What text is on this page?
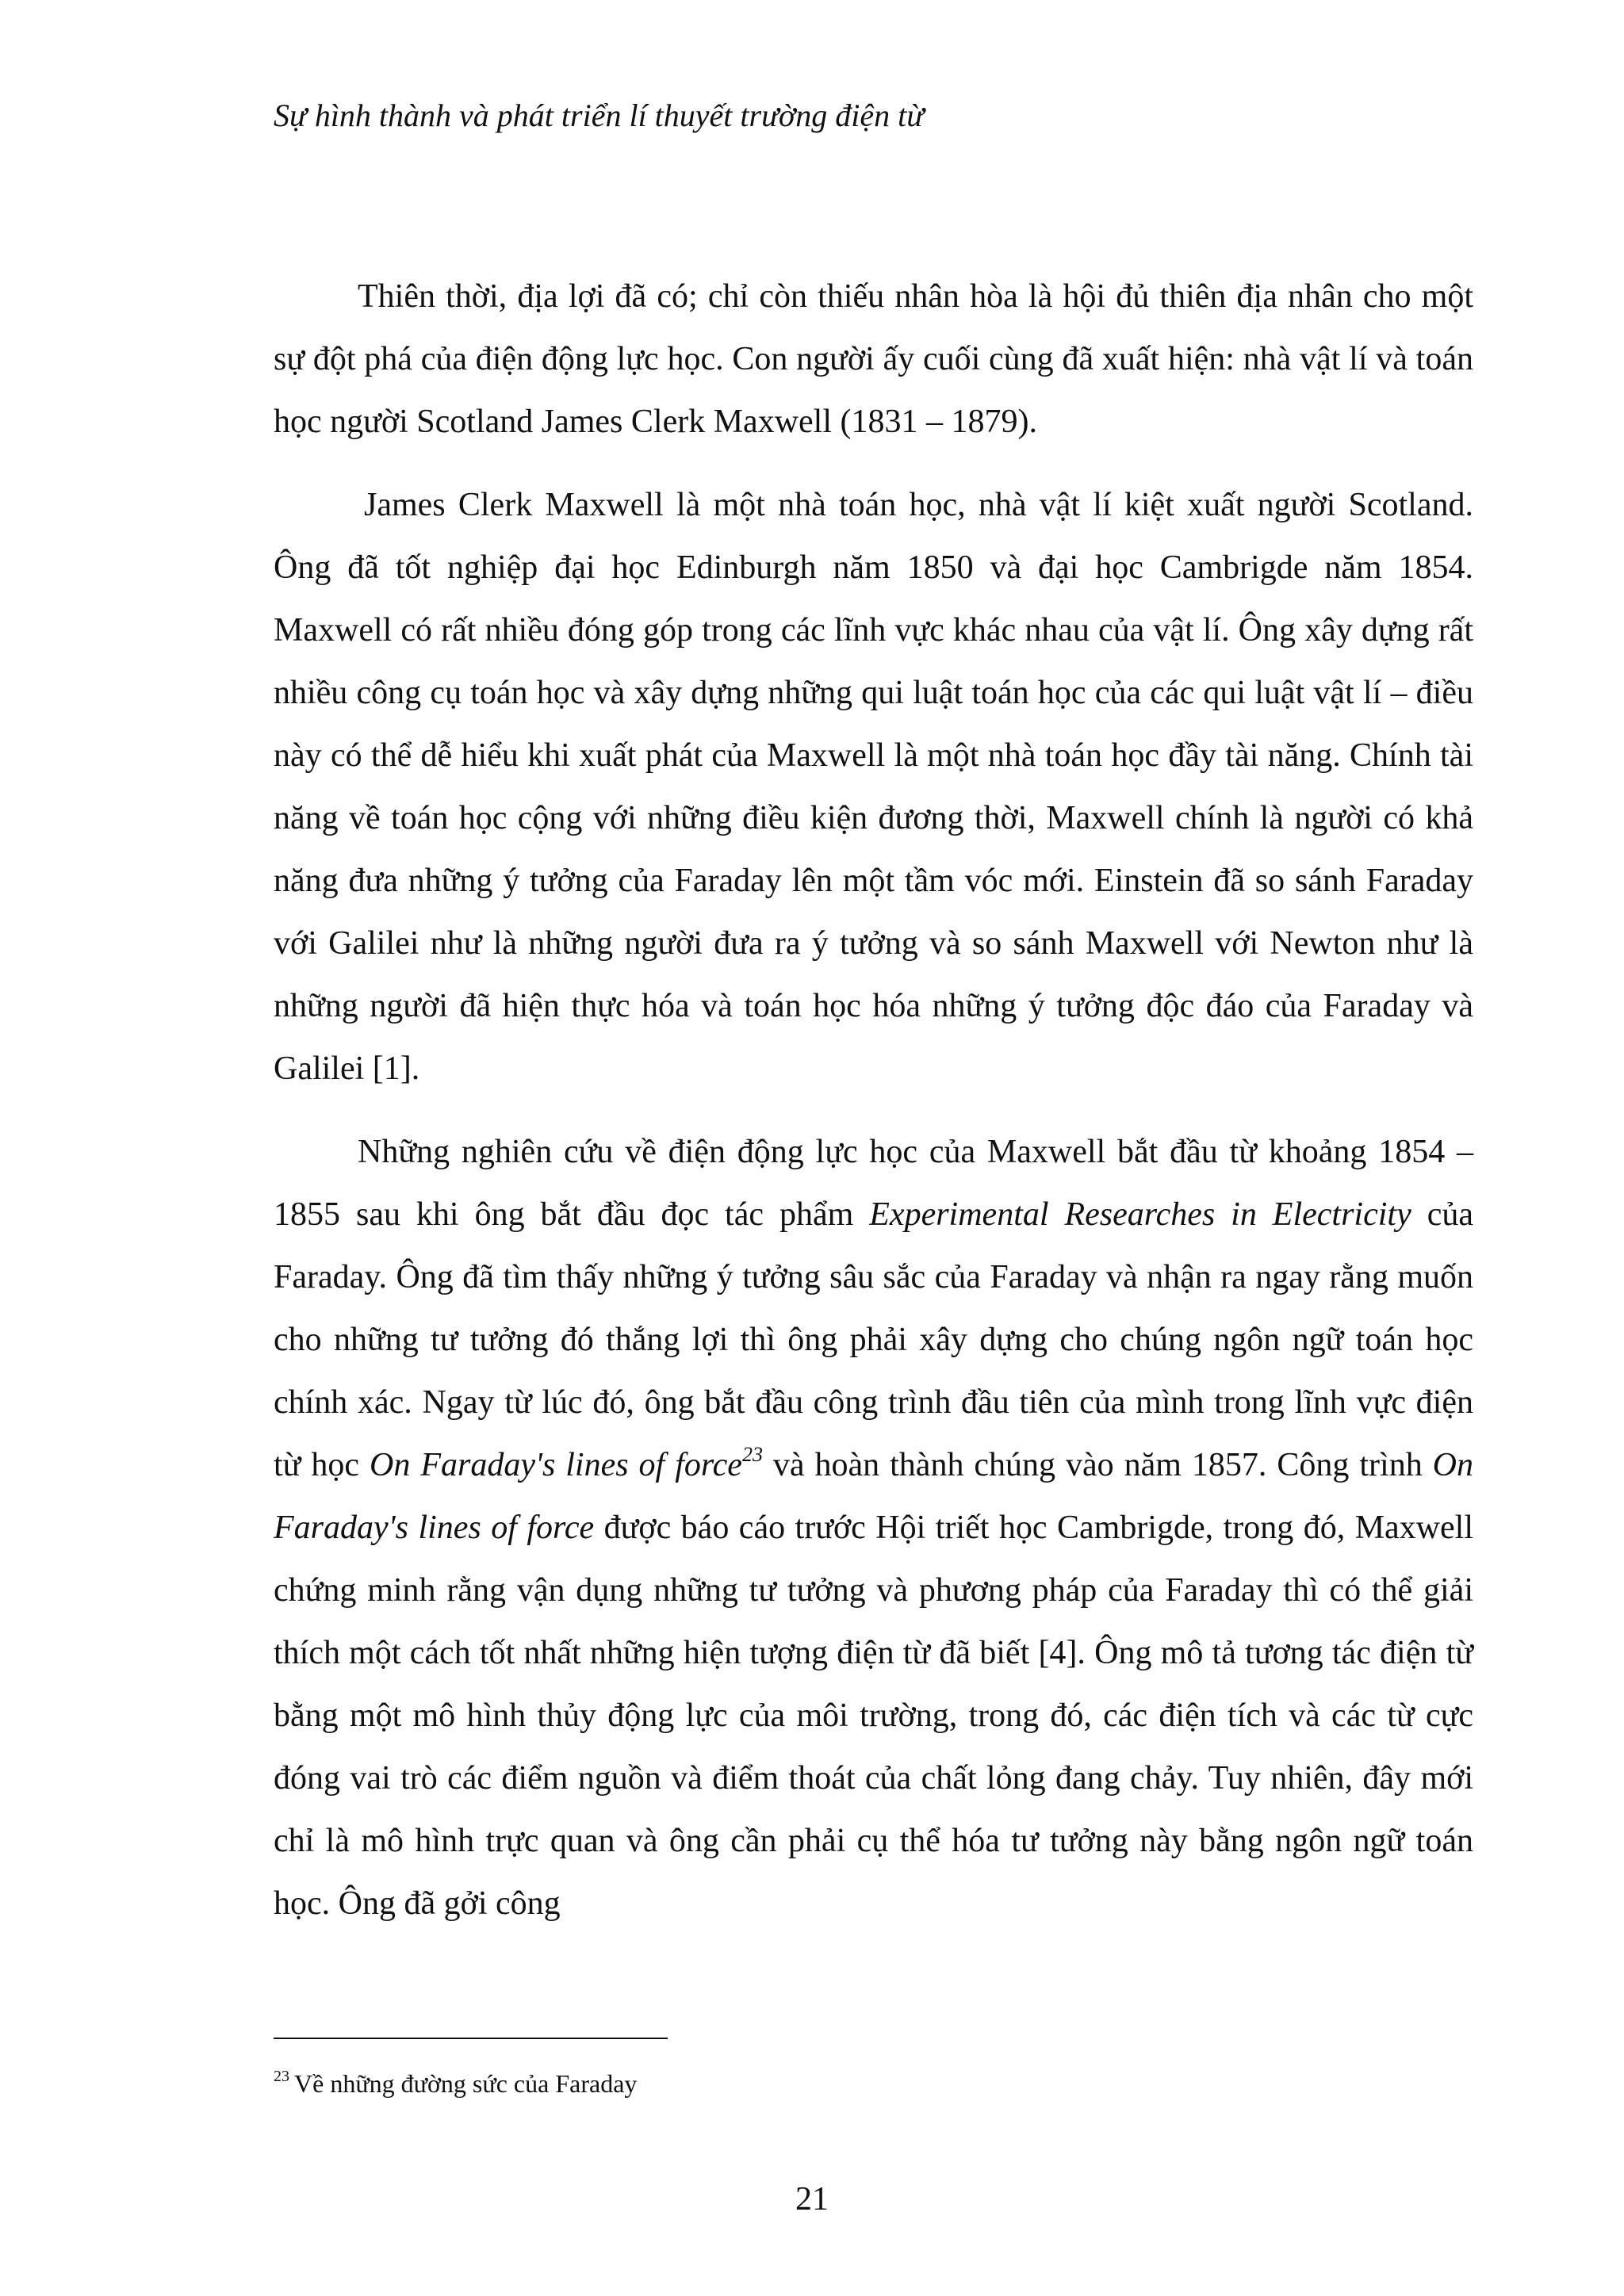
Sự hình thành và phát triển lí thuyết trường điện từ

Thiên thời, địa lợi đã có; chỉ còn thiếu nhân hòa là hội đủ thiên địa nhân cho một sự đột phá của điện động lực học. Con người ấy cuối cùng đã xuất hiện: nhà vật lí và toán học người Scotland James Clerk Maxwell (1831 – 1879).

James Clerk Maxwell là một nhà toán học, nhà vật lí kiệt xuất người Scotland. Ông đã tốt nghiệp đại học Edinburgh năm 1850 và đại học Cambrigde năm 1854. Maxwell có rất nhiều đóng góp trong các lĩnh vực khác nhau của vật lí. Ông xây dựng rất nhiều công cụ toán học và xây dựng những qui luật toán học của các qui luật vật lí – điều này có thể dễ hiểu khi xuất phát của Maxwell là một nhà toán học đầy tài năng. Chính tài năng về toán học cộng với những điều kiện đương thời, Maxwell chính là người có khả năng đưa những ý tưởng của Faraday lên một tầm vóc mới. Einstein đã so sánh Faraday với Galilei như là những người đưa ra ý tưởng và so sánh Maxwell với Newton như là những người đã hiện thực hóa và toán học hóa những ý tưởng độc đáo của Faraday và Galilei [1].

Những nghiên cứu về điện động lực học của Maxwell bắt đầu từ khoảng 1854 – 1855 sau khi ông bắt đầu đọc tác phẩm Experimental Researches in Electricity của Faraday. Ông đã tìm thấy những ý tưởng sâu sắc của Faraday và nhận ra ngay rằng muốn cho những tư tưởng đó thắng lợi thì ông phải xây dựng cho chúng ngôn ngữ toán học chính xác. Ngay từ lúc đó, ông bắt đầu công trình đầu tiên của mình trong lĩnh vực điện từ học On Faraday's lines of force$^{23}$ và hoàn thành chúng vào năm 1857. Công trình On Faraday's lines of force được báo cáo trước Hội triết học Cambrigde, trong đó, Maxwell chứng minh rằng vận dụng những tư tưởng và phương pháp của Faraday thì có thể giải thích một cách tốt nhất những hiện tượng điện từ đã biết [4]. Ông mô tả tương tác điện từ bằng một mô hình thủy động lực của môi trường, trong đó, các điện tích và các từ cực đóng vai trò các điểm nguồn và điểm thoát của chất lỏng đang chảy. Tuy nhiên, đây mới chỉ là mô hình trực quan và ông cần phải cụ thể hóa tư tưởng này bằng ngôn ngữ toán học. Ông đã gởi công

$^{23}$ Về những đường sức của Faraday

21
